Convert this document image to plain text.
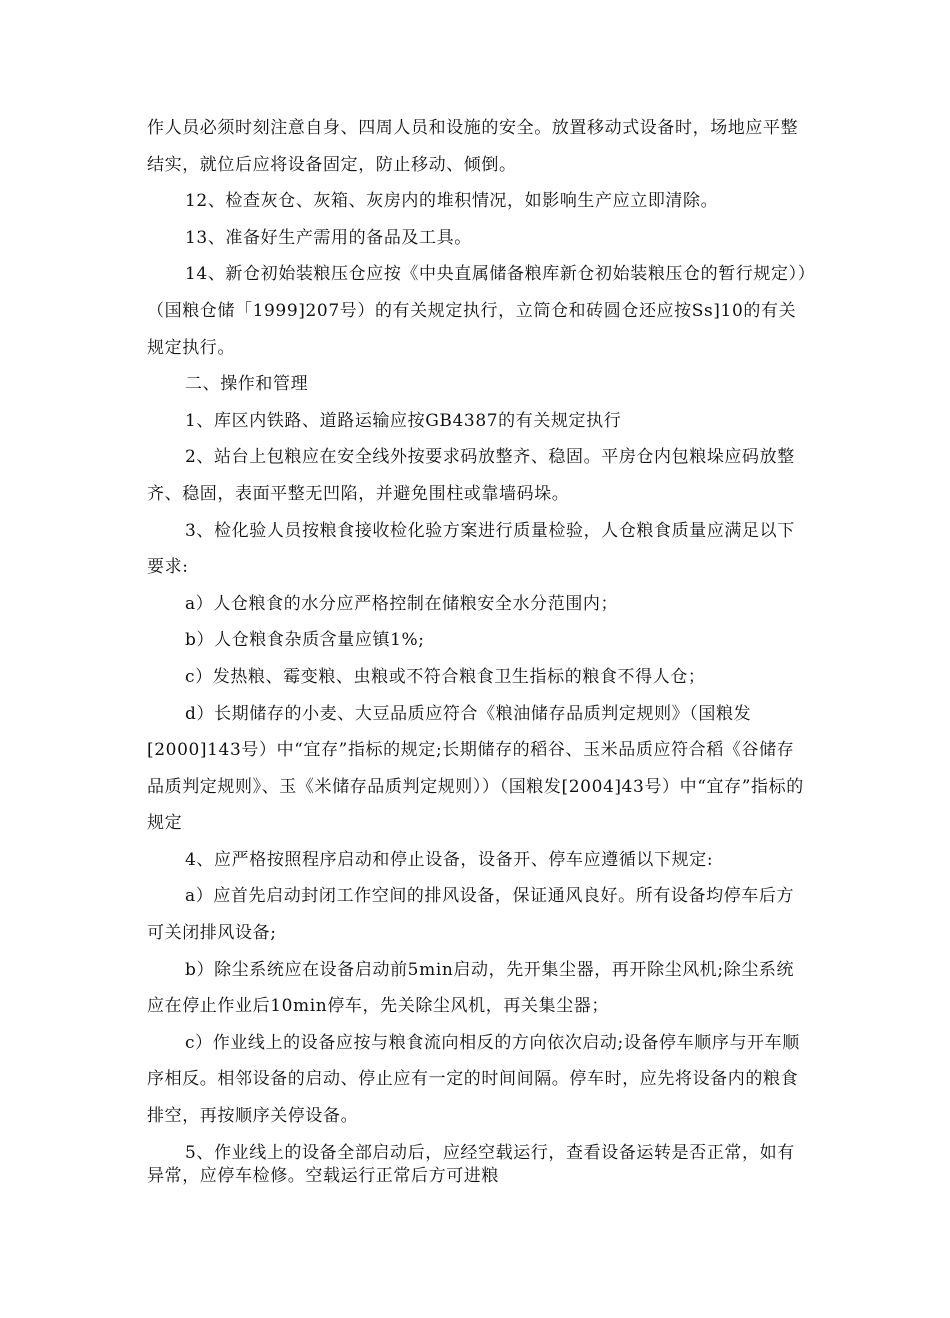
作人员必须时刻注意自身、四周人员和设施的安全。放置移动式设备时，场地应平整结实，就位后应将设备固定，防止移动、倾倒。

12、检查灰仓、灰箱、灰房内的堆积情况，如影响生产应立即清除。

13、准备好生产需用的备品及工具。

14、新仓初始装粮压仓应按《中央直属储备粮库新仓初始装粮压仓的暂行规定））（国粮仓储「1999]207号）的有关规定执行，立筒仓和砖圆仓还应按Ss]10的有关规定执行。

二、操作和管理

1、库区内铁路、道路运输应按GB4387的有关规定执行

2、站台上包粮应在安全线外按要求码放整齐、稳固。平房仓内包粮垛应码放整齐、稳固，表面平整无凹陷，并避免围柱或靠墙码垛。

3、检化验人员按粮食接收检化验方案进行质量检验，人仓粮食质量应满足以下要求:

a）人仓粮食的水分应严格控制在储粮安全水分范围内；

b）人仓粮食杂质含量应镇1%;

c）发热粮、霉变粮、虫粮或不符合粮食卫生指标的粮食不得人仓；

d）长期储存的小麦、大豆品质应符合《粮油储存品质判定规则》（国粮发[2000]143号）中“宜存”指标的规定;长期储存的稻谷、玉米品质应符合稻《谷储存品质判定规则》、玉《米储存品质判定规则））（国粮发[2004]43号）中“宜存”指标的规定

4、应严格按照程序启动和停止设备，设备开、停车应遵循以下规定:

a）应首先启动封闭工作空间的排风设备，保证通风良好。所有设备均停车后方可关闭排风设备;

b）除尘系统应在设备启动前5min启动，先开集尘器，再开除尘风机;除尘系统应在停止作业后10min停车，先关除尘风机，再关集尘器；

c）作业线上的设备应按与粮食流向相反的方向依次启动;设备停车顺序与开车顺序相反。相邻设备的启动、停止应有一定的时间间隔。停车时，应先将设备内的粮食排空，再按顺序关停设备。

5、作业线上的设备全部启动后，应经空载运行，查看设备运转是否正常，如有异常，应停车检修。空载运行正常后方可进粮
